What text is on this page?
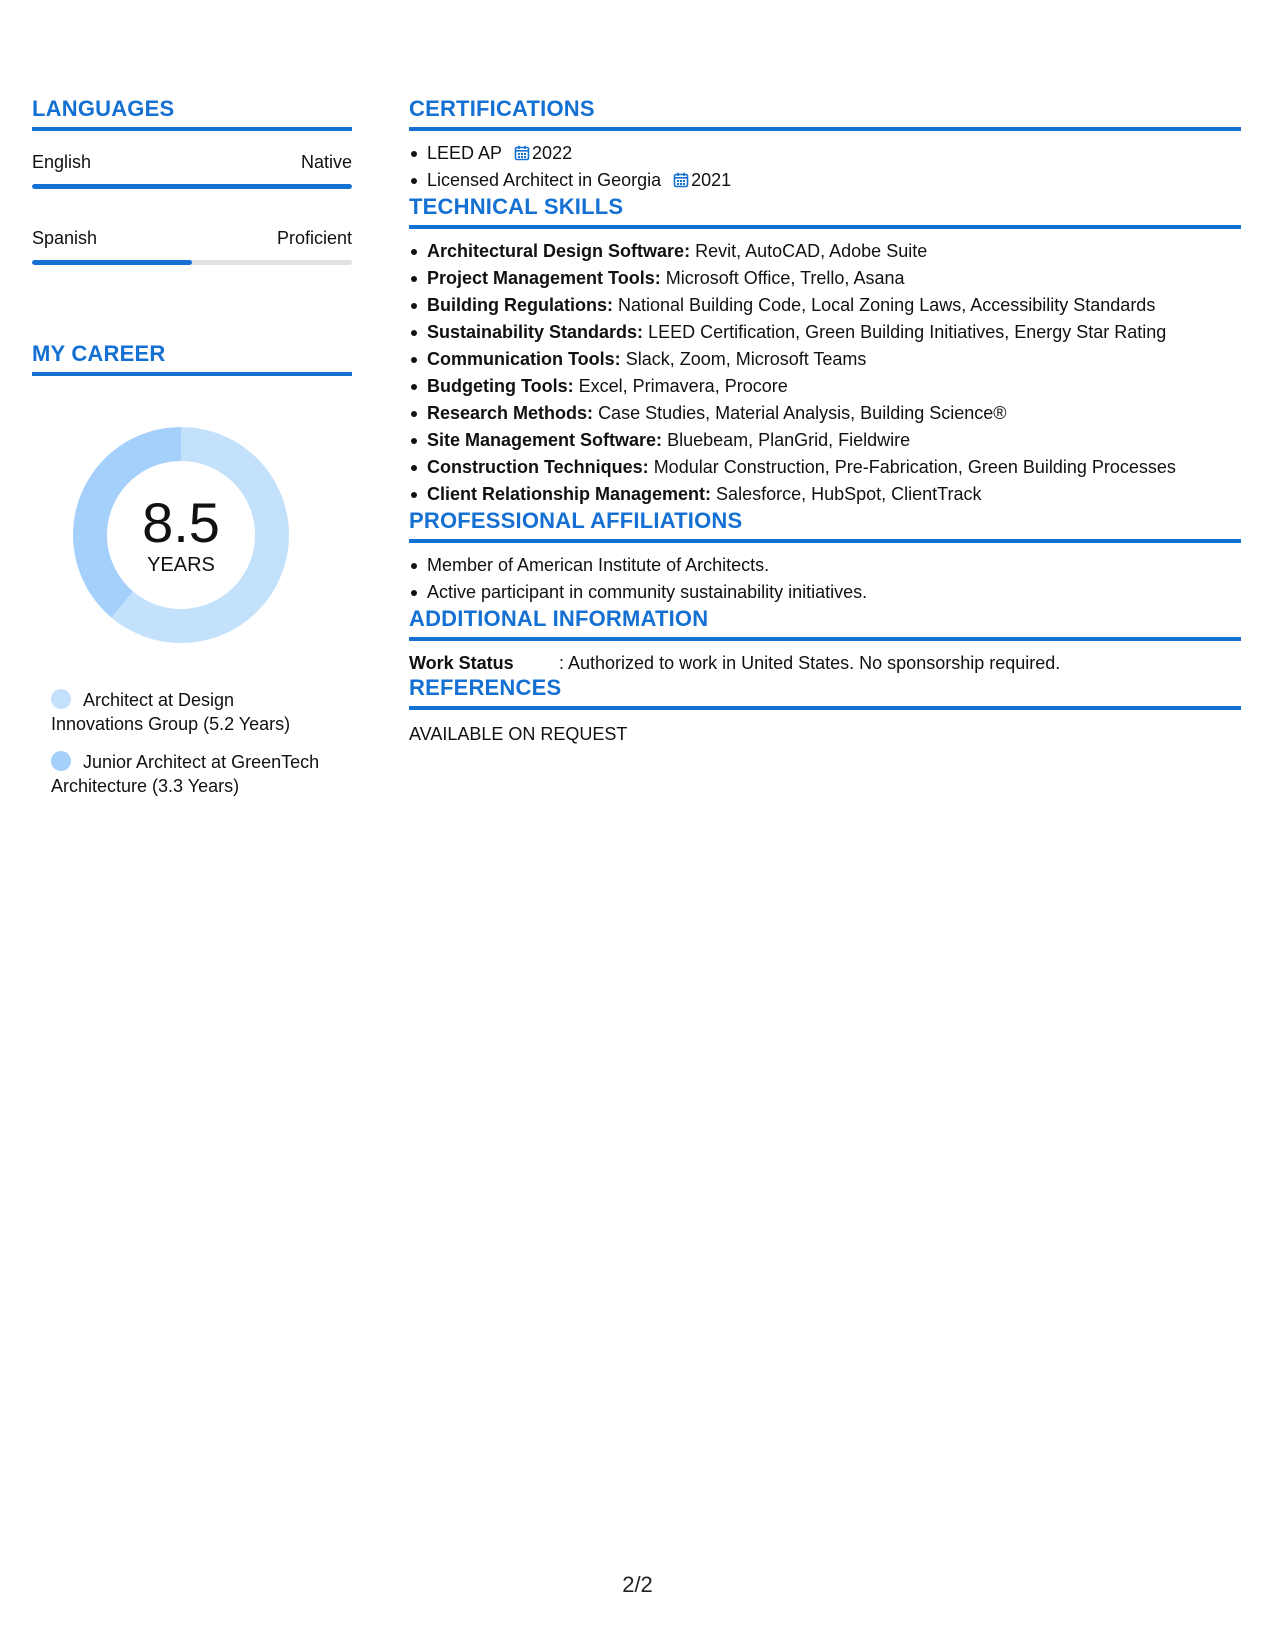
LANGUAGES
English	Native
Spanish	Proficient
MY CAREER
8.5
YEARS
Architect at Design Innovations Group (5.2 Years)
Junior Architect at GreenTech Architecture (3.3 Years)
CERTIFICATIONS
LEED AP 2022
Licensed Architect in Georgia 2021
TECHNICAL SKILLS
Architectural Design Software: Revit, AutoCAD, Adobe Suite
Project Management Tools: Microsoft Office, Trello, Asana
Building Regulations: National Building Code, Local Zoning Laws, Accessibility Standards
Sustainability Standards: LEED Certification, Green Building Initiatives, Energy Star Rating
Communication Tools: Slack, Zoom, Microsoft Teams
Budgeting Tools: Excel, Primavera, Procore
Research Methods: Case Studies, Material Analysis, Building Science®
Site Management Software: Bluebeam, PlanGrid, Fieldwire
Construction Techniques: Modular Construction, Pre-Fabrication, Green Building Processes
Client Relationship Management: Salesforce, HubSpot, ClientTrack
PROFESSIONAL AFFILIATIONS
Member of American Institute of Architects.
Active participant in community sustainability initiatives.
ADDITIONAL INFORMATION
Work Status	: Authorized to work in United States. No sponsorship required.
REFERENCES
AVAILABLE ON REQUEST
2/2
